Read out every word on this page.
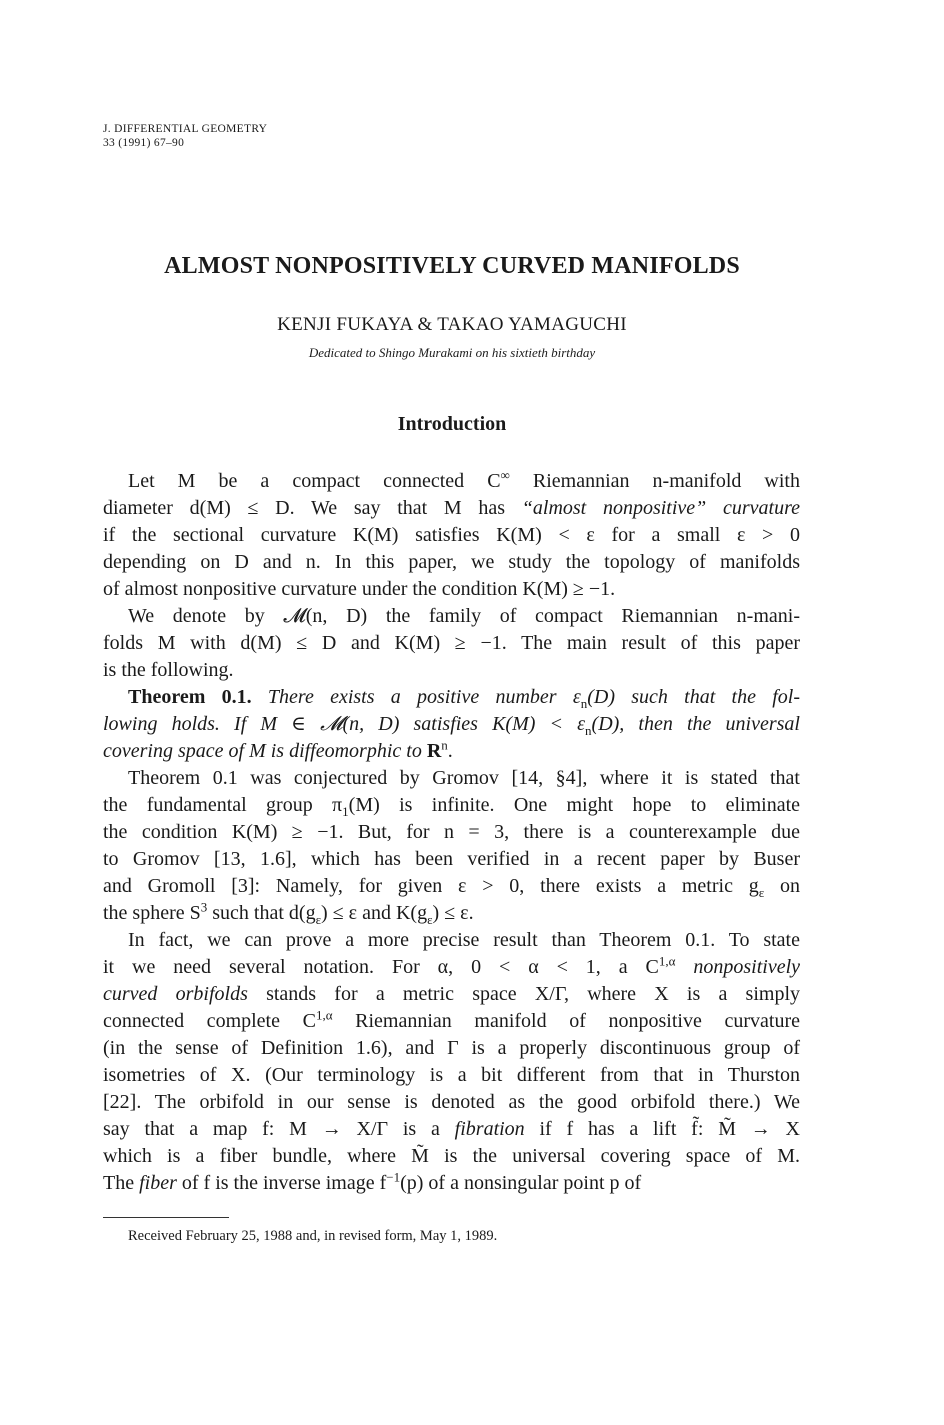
J. DIFFERENTIAL GEOMETRY
33 (1991) 67–90
ALMOST NONPOSITIVELY CURVED MANIFOLDS
KENJI FUKAYA & TAKAO YAMAGUCHI
Dedicated to Shingo Murakami on his sixtieth birthday
Introduction
Let M be a compact connected C∞ Riemannian n-manifold with
diameter d(M) ≤ D. We say that M has “almost nonpositive” curvature
if the sectional curvature K(M) satisfies K(M) < ε for a small ε > 0
depending on D and n. In this paper, we study the topology of manifolds
of almost nonpositive curvature under the condition K(M) ≥ −1.
We denote by 𝓜(n, D) the family of compact Riemannian n-mani-
folds M with d(M) ≤ D and K(M) ≥ −1. The main result of this paper
is the following.
Theorem 0.1. There exists a positive number $\varepsilon_n(D)$ such that the fol-
lowing holds. If M ∈ 𝓜(n, D) satisfies $K(M) < \varepsilon_n(D)$, then the universal
covering space of M is diffeomorphic to $R^n$.
Theorem 0.1 was conjectured by Gromov [14, §4], where it is stated that
the fundamental group $\pi_1(M)$ is infinite. One might hope to eliminate
the condition K(M) ≥ −1. But, for n = 3, there is a counterexample due
to Gromov [13, 1.6], which has been verified in a recent paper by Buser
and Gromoll [3]: Namely, for given ε > 0, there exists a metric $g_\varepsilon$ on
the sphere $S^3$ such that $d(g_\varepsilon) \le \varepsilon$ and $K(g_\varepsilon) \le \varepsilon$.
In fact, we can prove a more precise result than Theorem 0.1. To state
it we need several notation. For α, 0 < α < 1, a $C^{1,\alpha}$ nonpositively
curved orbifolds stands for a metric space X/Γ, where X is a simply
connected complete $C^{1,\alpha}$ Riemannian manifold of nonpositive curvature
(in the sense of Definition 1.6), and Γ is a properly discontinuous group of
isometries of X. (Our terminology is a bit different from that in Thurston
[22]. The orbifold in our sense is denoted as the good orbifold there.) We
say that a map f: M → X/Γ is a fibration if f has a lift f̃: M̃ → X
which is a fiber bundle, where M̃ is the universal covering space of M.
The fiber of f is the inverse image $f^{-1}(p)$ of a nonsingular point p of
Received February 25, 1988 and, in revised form, May 1, 1989.
